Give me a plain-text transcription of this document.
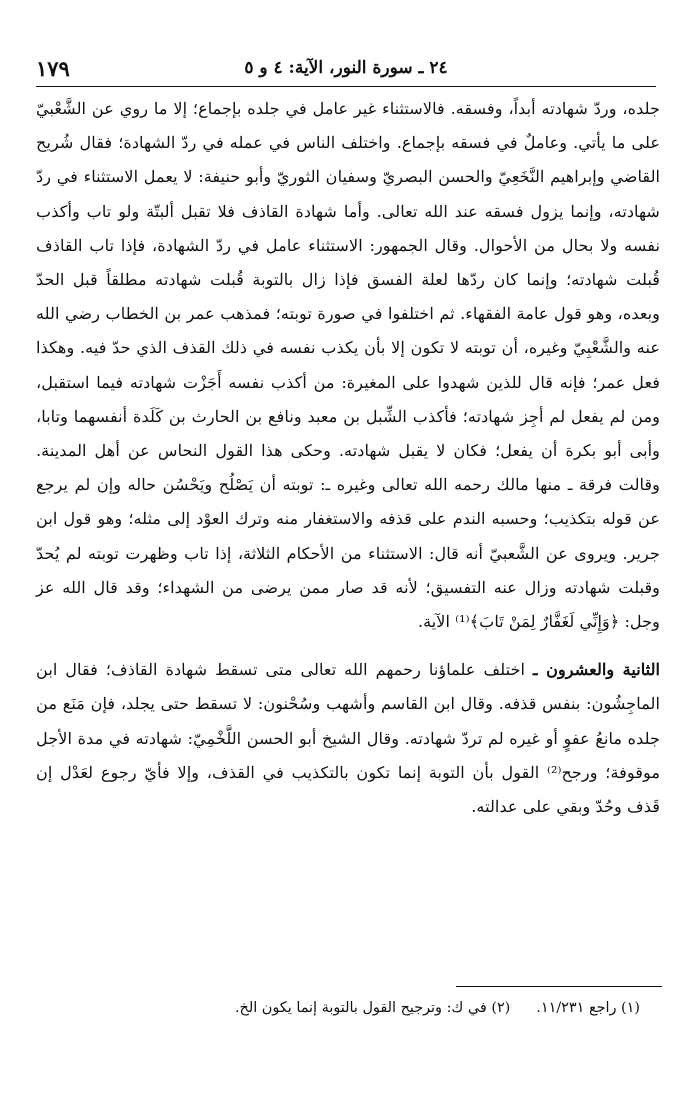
٢٤ ـ سورة النور، الآية: ٤ و ٥
١٧٩

جلده، وردّ شهادته أبداً، وفسقه. فالاستثناء غير عامل في جلده بإجماع؛ إلا ما روي عن الشَّعْبيّ على ما يأتي. وعاملٌ في فسقه بإجماع. واختلف الناس في عمله في ردّ الشهادة؛ فقال شُريح القاضي وإبراهيم النَّخَعِيّ والحسن البصريّ وسفيان الثوريّ وأبو حنيفة: لا يعمل الاستثناء في ردّ شهادته، وإنما يزول فسقه عند الله تعالى. وأما شهادة القاذف فلا تقبل ألبتّة ولو تاب وأكذب نفسه ولا بحال من الأحوال. وقال الجمهور: الاستثناء عامل في ردّ الشهادة، فإذا تاب القاذف قُبلت شهادته؛ وإنما كان ردّها لعلة الفسق فإذا زال بالتوبة قُبلت شهادته مطلقاً قبل الحدّ وبعده، وهو قول عامة الفقهاء. ثم اختلفوا في صورة توبته؛ فمذهب عمر بن الخطاب رضي الله عنه والشَّعْبِيّ وغيره، أن توبته لا تكون إلا بأن يكذب نفسه في ذلك القذف الذي حدّ فيه. وهكذا فعل عمر؛ فإنه قال للذين شهدوا على المغيرة: من أكذب نفسه أَجَزْت شهادته فيما استقبل، ومن لم يفعل لم أجِز شهادته؛ فأكذب الشِّبل بن معبد ونافع بن الحارث بن كَلَدة أنفسهما وتابا، وأبى أبو بكرة أن يفعل؛ فكان لا يقبل شهادته. وحكى هذا القول النحاس عن أهل المدينة. وقالت فرقة ـ منها مالك رحمه الله تعالى وغيره ـ: توبته أن يَصْلُح ويَحْسُن حاله وإن لم يرجع عن قوله بتكذيب؛ وحسبه الندم على قذفه والاستغفار منه وترك العوْد إلى مثله؛ وهو قول ابن جرير. ويروى عن الشَّعبيّ أنه قال: الاستثناء من الأحكام الثلاثة، إذا تاب وظهرت توبته لم يُحدّ وقبلت شهادته وزال عنه التفسيق؛ لأنه قد صار ممن يرضى من الشهداء؛ وقد قال الله عز وجل: ﴿وَإِنِّي لَغَفَّارٌ لِمَنْ تَابَ﴾⁽¹⁾ الآية.

الثانية والعشرون ـ اختلف علماؤنا رحمهم الله تعالى متى تسقط شهادة القاذف؛ فقال ابن الماجِشُون: بنفس قذفه. وقال ابن القاسم وأشهب وسُحْنون: لا تسقط حتى يجلد، فإن مَنَع من جلده مانعُ عفوٍ أو غيره لم تردّ شهادته. وقال الشيخ أبو الحسن اللَّخْمِيّ: شهادته في مدة الأجل موقوفة؛ ورجح⁽²⁾ القول بأن التوبة إنما تكون بالتكذيب في القذف، وإلا فأيّ رجوع لعَدْل إن قَذف وحُدّ وبقي على عدالته.

(١) راجع ١١/٢٣١.(٢) في ك: وترجيح القول بالتوبة إنما يكون الخ.
